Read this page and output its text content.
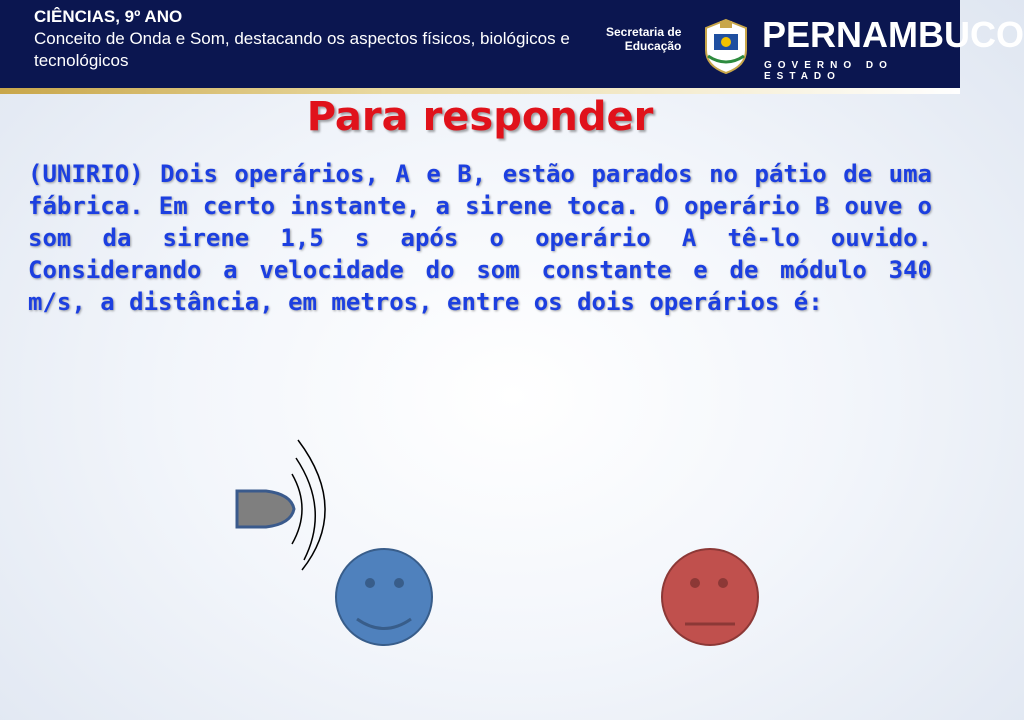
CIÊNCIAS, 9º ANO
Conceito de Onda e Som, destacando os aspectos físicos, biológicos e tecnológicos
Secretaria de
Educação PERNAMBUCO
GOVERNO DO ESTADO
Para responder
(UNIRIO) Dois operários, A e B, estão parados no pátio de uma fábrica. Em certo instante, a sirene toca. O operário B ouve o som da sirene 1,5 s após o operário A tê-lo ouvido. Considerando a velocidade do som constante e de módulo 340 m/s, a distância, em metros, entre os dois operários é:
